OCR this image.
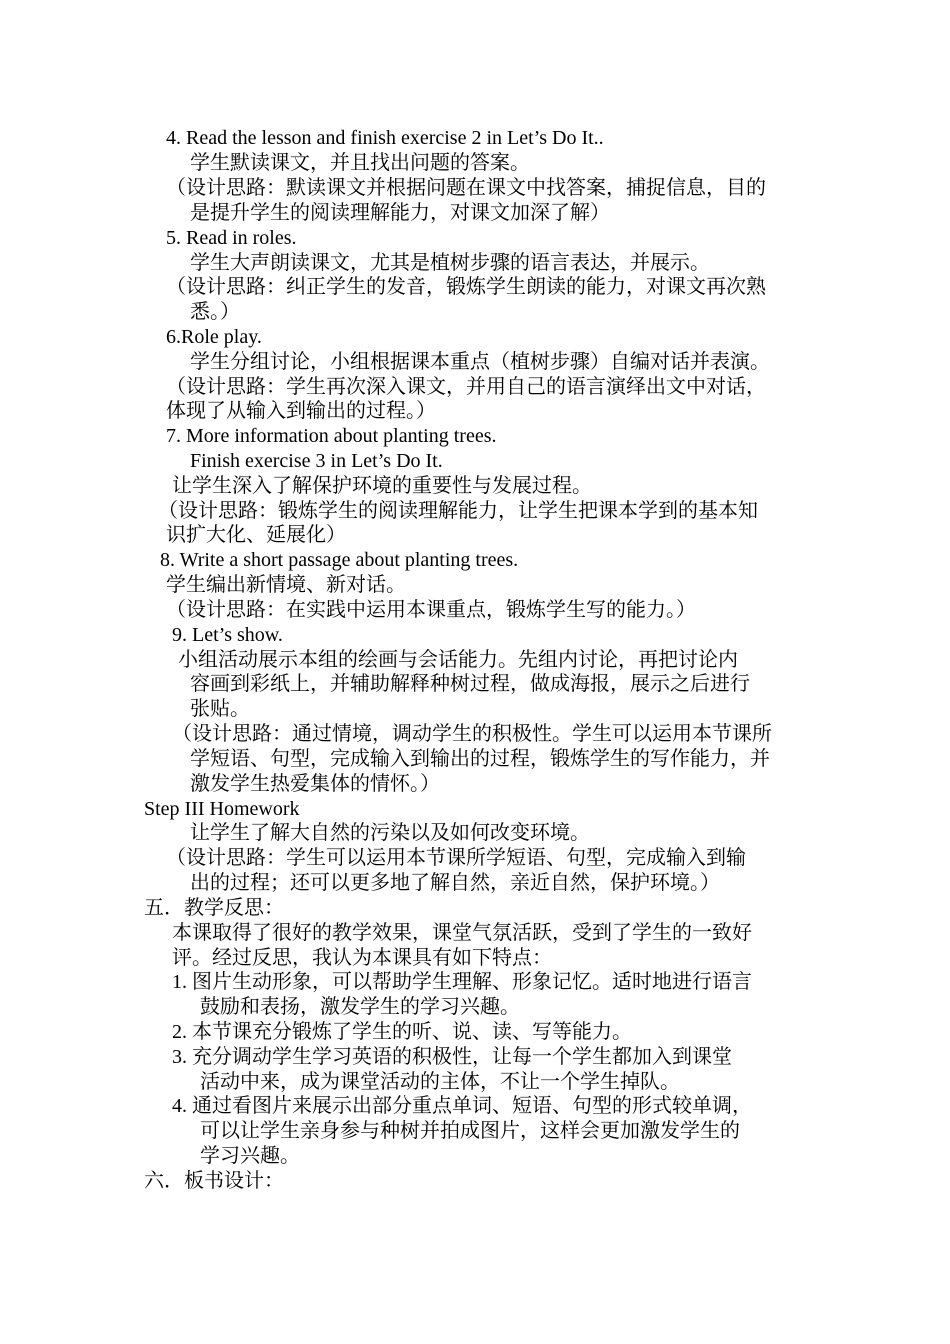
4. Read the lesson and finish exercise 2 in Let’s Do It..
学生默读课文，并且找出问题的答案。
（设计思路：默读课文并根据问题在课文中找答案，捕捉信息，目的
是提升学生的阅读理解能力，对课文加深了解）
5. Read in roles.
学生大声朗读课文，尤其是植树步骤的语言表达，并展示。
（设计思路：纠正学生的发音，锻炼学生朗读的能力，对课文再次熟
悉。）
6.Role play.
学生分组讨论，小组根据课本重点（植树步骤）自编对话并表演。
（设计思路：学生再次深入课文，并用自己的语言演绎出文中对话，
体现了从输入到输出的过程。）
7. More information about planting trees.
Finish exercise 3 in Let’s Do It.
让学生深入了解保护环境的重要性与发展过程。
（设计思路：锻炼学生的阅读理解能力，让学生把课本学到的基本知
识扩大化、延展化）
8. Write a short passage about planting trees.
学生编出新情境、新对话。
（设计思路：在实践中运用本课重点，锻炼学生写的能力。）
9. Let’s show.
小组活动展示本组的绘画与会话能力。先组内讨论，再把讨论内
容画到彩纸上，并辅助解释种树过程，做成海报，展示之后进行
张贴。
（设计思路：通过情境，调动学生的积极性。学生可以运用本节课所
学短语、句型，完成输入到输出的过程，锻炼学生的写作能力，并
激发学生热爱集体的情怀。）
Step III Homework
让学生了解大自然的污染以及如何改变环境。
（设计思路：学生可以运用本节课所学短语、句型，完成输入到输
出的过程；还可以更多地了解自然，亲近自然，保护环境。）
五．教学反思：
本课取得了很好的教学效果，课堂气氛活跃，受到了学生的一致好
评。经过反思，我认为本课具有如下特点：
1. 图片生动形象，可以帮助学生理解、形象记忆。适时地进行语言
鼓励和表扬，激发学生的学习兴趣。
2. 本节课充分锻炼了学生的听、说、读、写等能力。
3. 充分调动学生学习英语的积极性，让每一个学生都加入到课堂
活动中来，成为课堂活动的主体，不让一个学生掉队。
4. 通过看图片来展示出部分重点单词、短语、句型的形式较单调，
可以让学生亲身参与种树并拍成图片，这样会更加激发学生的
学习兴趣。
六．板书设计：
